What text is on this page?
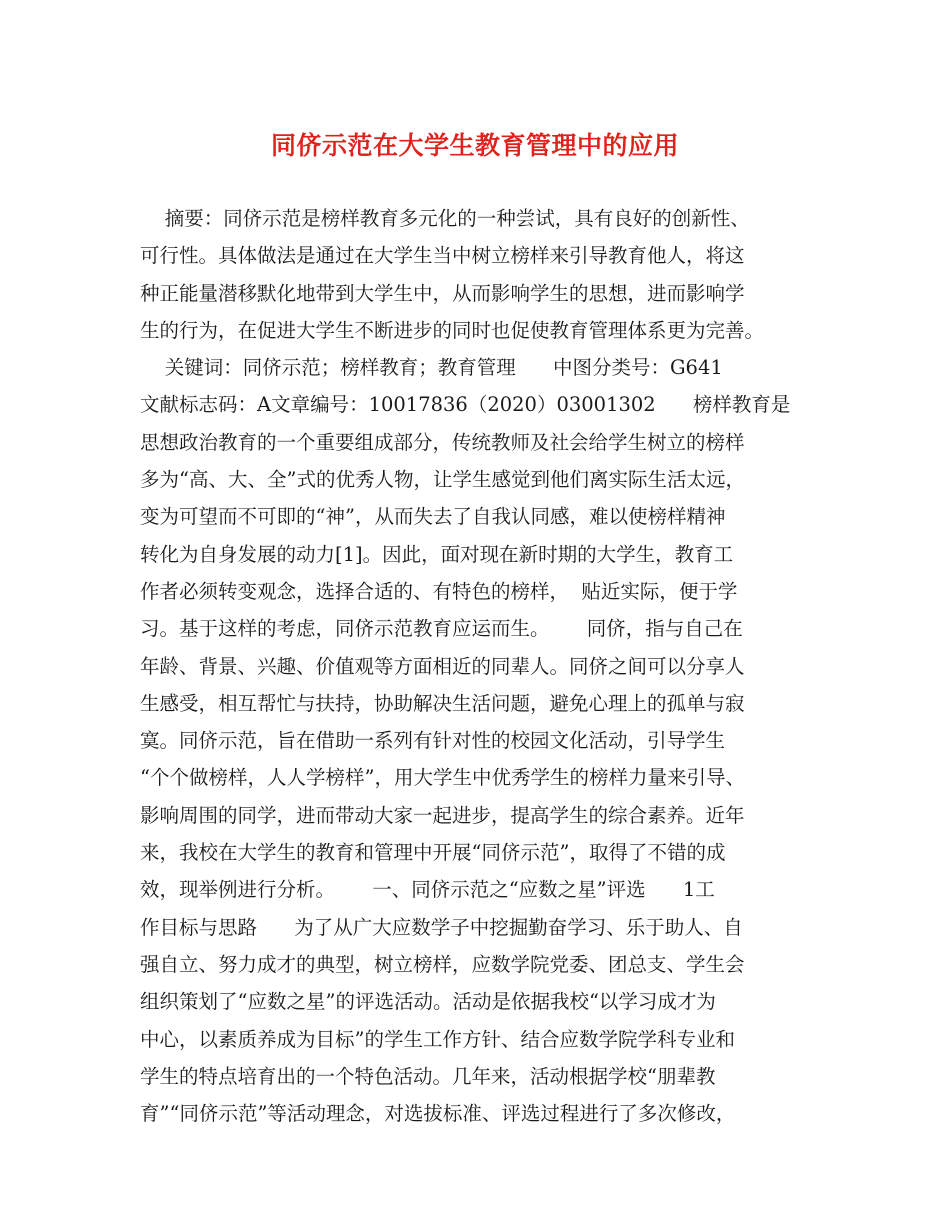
同侪示范在大学生教育管理中的应用
摘要：同侪示范是榜样教育多元化的一种尝试，具有良好的创新性、
可行性。具体做法是通过在大学生当中树立榜样来引导教育他人，将这
种正能量潜移默化地带到大学生中，从而影响学生的思想，进而影响学
生的行为，在促进大学生不断进步的同时也促使教育管理体系更为完善。
关键词：同侪示范；榜样教育；教育管理      中图分类号：G641
文献标志码：A文章编号：10017836（2020）03001302      榜样教育是
思想政治教育的一个重要组成部分，传统教师及社会给学生树立的榜样
多为“高、大、全”式的优秀人物，让学生感觉到他们离实际生活太远，
变为可望而不可即的“神”，从而失去了自我认同感，难以使榜样精神
转化为自身发展的动力[1]。因此，面对现在新时期的大学生，教育工
作者必须转变观念，选择合适的、有特色的榜样，  贴近实际，便于学
习。基于这样的考虑，同侪示范教育应运而生。      同侪，指与自己在
年龄、背景、兴趣、价值观等方面相近的同辈人。同侪之间可以分享人
生感受，相互帮忙与扶持，协助解决生活问题，避免心理上的孤单与寂
寞。同侪示范，旨在借助一系列有针对性的校园文化活动，引导学生
“个个做榜样，人人学榜样”，用大学生中优秀学生的榜样力量来引导、
影响周围的同学，进而带动大家一起进步，提高学生的综合素养。近年
来，我校在大学生的教育和管理中开展“同侪示范”，取得了不错的成
效，现举例进行分析。      一、同侪示范之“应数之星”评选      1工
作目标与思路      为了从广大应数学子中挖掘勤奋学习、乐于助人、自
强自立、努力成才的典型，树立榜样，应数学院党委、团总支、学生会
组织策划了“应数之星”的评选活动。活动是依据我校“以学习成才为
中心，以素质养成为目标”的学生工作方针、结合应数学院学科专业和
学生的特点培育出的一个特色活动。几年来，活动根据学校“朋辈教
育”“同侪示范”等活动理念，对选拔标准、评选过程进行了多次修改，
